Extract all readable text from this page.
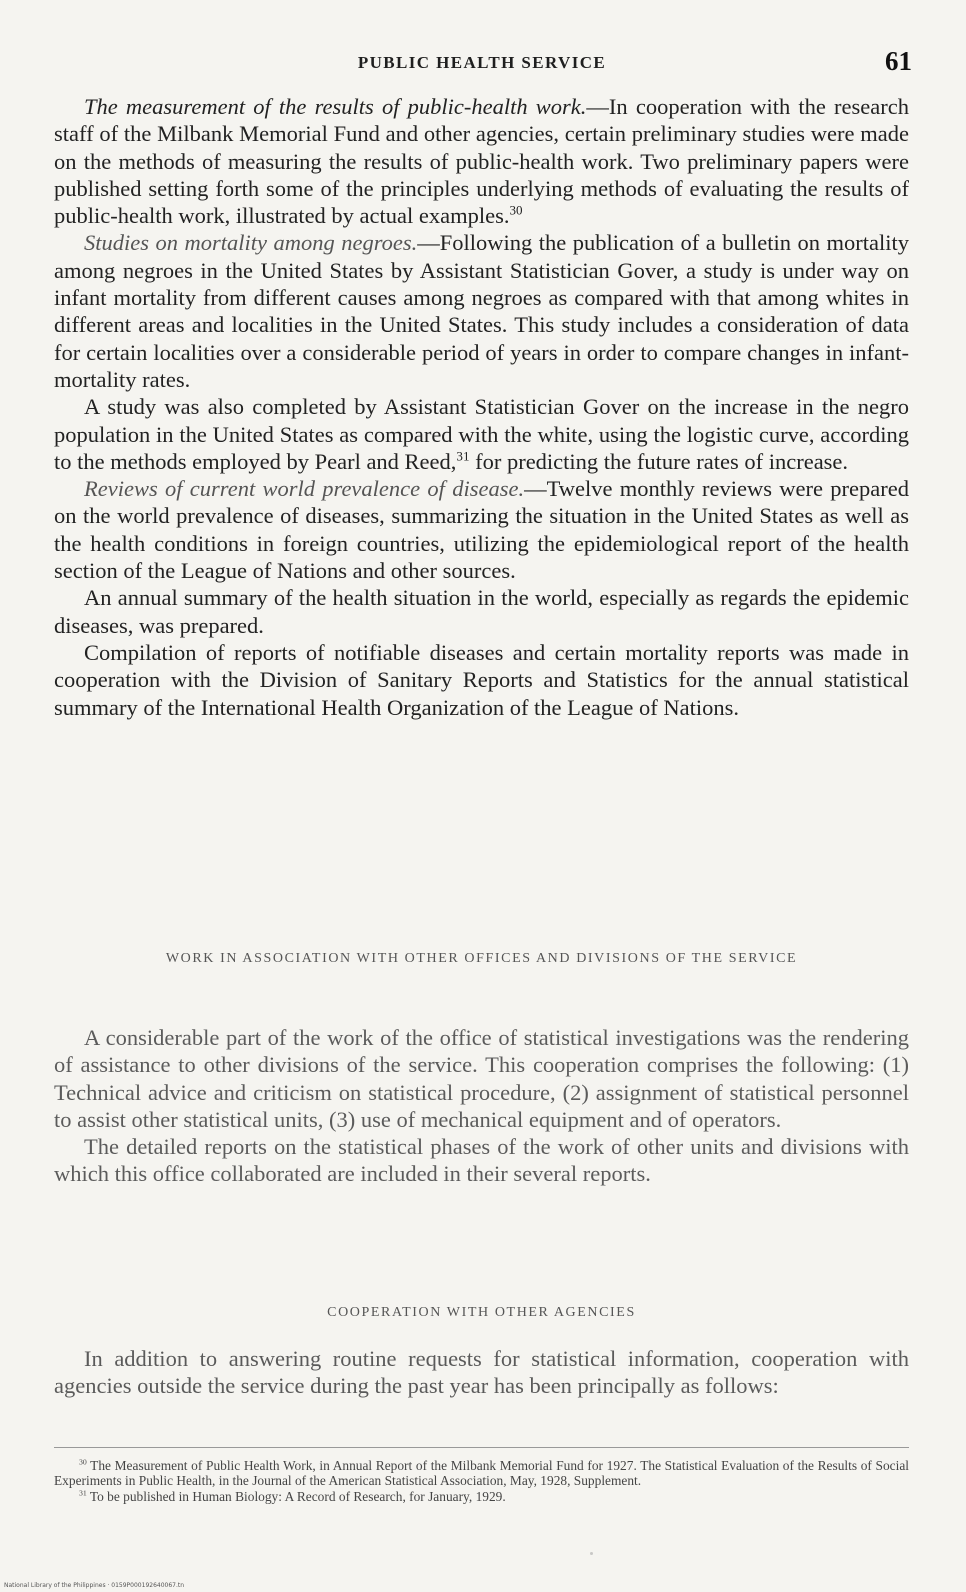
PUBLIC HEALTH SERVICE	61

The measurement of the results of public-health work.—In cooperation with the research staff of the Milbank Memorial Fund and other agencies, certain preliminary studies were made on the methods of measuring the results of public-health work. Two preliminary papers were published setting forth some of the principles underlying methods of evaluating the results of public-health work, illustrated by actual examples.$^{30}$

Studies on mortality among negroes.—Following the publication of a bulletin on mortality among negroes in the United States by Assistant Statistician Gover, a study is under way on infant mortality from different causes among negroes as compared with that among whites in different areas and localities in the United States. This study includes a consideration of data for certain localities over a considerable period of years in order to compare changes in infant-mortality rates.

A study was also completed by Assistant Statistician Gover on the increase in the negro population in the United States as compared with the white, using the logistic curve, according to the methods employed by Pearl and Reed,$^{31}$ for predicting the future rates of increase.

Reviews of current world prevalence of disease.—Twelve monthly reviews were prepared on the world prevalence of diseases, summarizing the situation in the United States as well as the health conditions in foreign countries, utilizing the epidemiological report of the health section of the League of Nations and other sources.

An annual summary of the health situation in the world, especially as regards the epidemic diseases, was prepared.

Compilation of reports of notifiable diseases and certain mortality reports was made in cooperation with the Division of Sanitary Reports and Statistics for the annual statistical summary of the International Health Organization of the League of Nations.

WORK IN ASSOCIATION WITH OTHER OFFICES AND DIVISIONS OF THE SERVICE

A considerable part of the work of the office of statistical investigations was the rendering of assistance to other divisions of the service. This cooperation comprises the following: (1) Technical advice and criticism on statistical procedure, (2) assignment of statistical personnel to assist other statistical units, (3) use of mechanical equipment and of operators.

The detailed reports on the statistical phases of the work of other units and divisions with which this office collaborated are included in their several reports.

COOPERATION WITH OTHER AGENCIES

In addition to answering routine requests for statistical information, cooperation with agencies outside the service during the past year has been principally as follows:

$^{30}$ The Measurement of Public Health Work, in Annual Report of the Milbank Memorial Fund for 1927. The Statistical Evaluation of the Results of Social Experiments in Public Health, in the Journal of the American Statistical Association, May, 1928, Supplement.

$^{31}$ To be published in Human Biology: A Record of Research, for January, 1929.

National Library of the Philippines · 0159P000192640067.tn
